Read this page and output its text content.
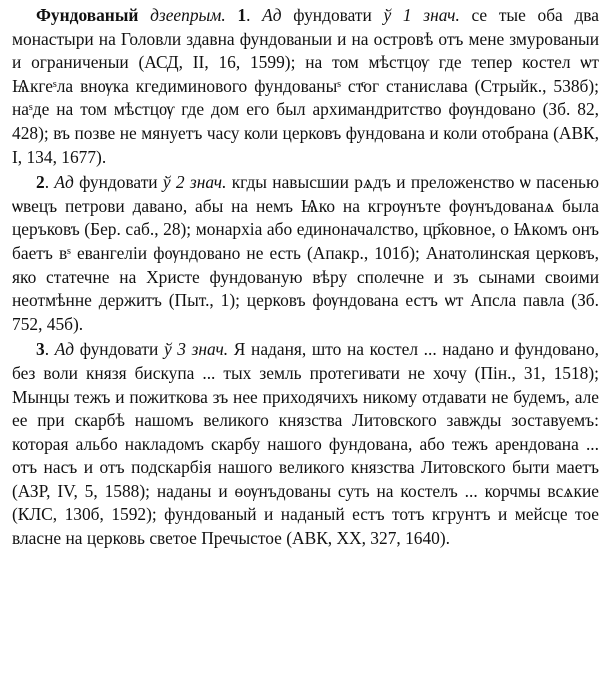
Фундованый дзеепрым. 1. Ад фундовати ў 1 знач. се тые оба два монастыри на Головли здавна фундованыи и на островѣ отъ мене змурованыи и ограниченыи (АСД, II, 16, 1599); на том мѣстцѹ где тепер костел ѡт Ѩкгеˢла внѹка кгедиминового фундованыˢ стͨог станислава (Стрыйк., 538б); наˢде на том мѣстцѹ где дом его был архимандритство фѹндовано (Зб. 82, 428); въ позве не мянуетъ часу коли церковъ фундована и коли отобрана (АВК, I, 134, 1677).

2. Ад фундовати ў 2 знач. кгды навысшии рѧдъ и преложенство ѡ пасенью ѡвецъ петрови давано, абы на немъ Ѩко на кгрѹнъте фѹнъдованаѧ была церъковъ (Бер. саб., 28); монархіа або единоначалство, цр҃ковное, о Ѩкомъ онъ баетъ вˢ евангеліи фѹндовано не есть (Апакр., 101б); Анатолинская церковъ, яко статечне на Христе фундованую вѣру сполечне и зъ сынами своими неотмѣнне держитъ (Пыт., 1); церковъ фѹндована естъ ѡт Апсла павла (Зб. 752, 45б).

3. Ад фундовати ў 3 знач. Я наданя, што на костел ... надано и фундовано, без воли князя бискупа ... тых земль протегивати не хочу (Пін., 31, 1518); Мынцы тежъ и пожиткова зъ нее приходячихъ никому отдавати не будемъ, але ее при скарбѣ нашомъ великого князства Литовского завжды зоставуемъ: которая альбо накладомъ скарбу нашого фундована, або тежъ арендована ... отъ насъ и отъ подскарбія нашого великого князства Литовского быти маетъ (АЗР, IV, 5, 1588); наданы и ѳѹнъдованы суть на костелъ ... корчмы всѧкие (КЛС, 130б, 1592); фундованый и наданый естъ тотъ кгрунтъ и мейсце тое власне на церковь светое Пречыстое (АВК, XX, 327, 1640).
